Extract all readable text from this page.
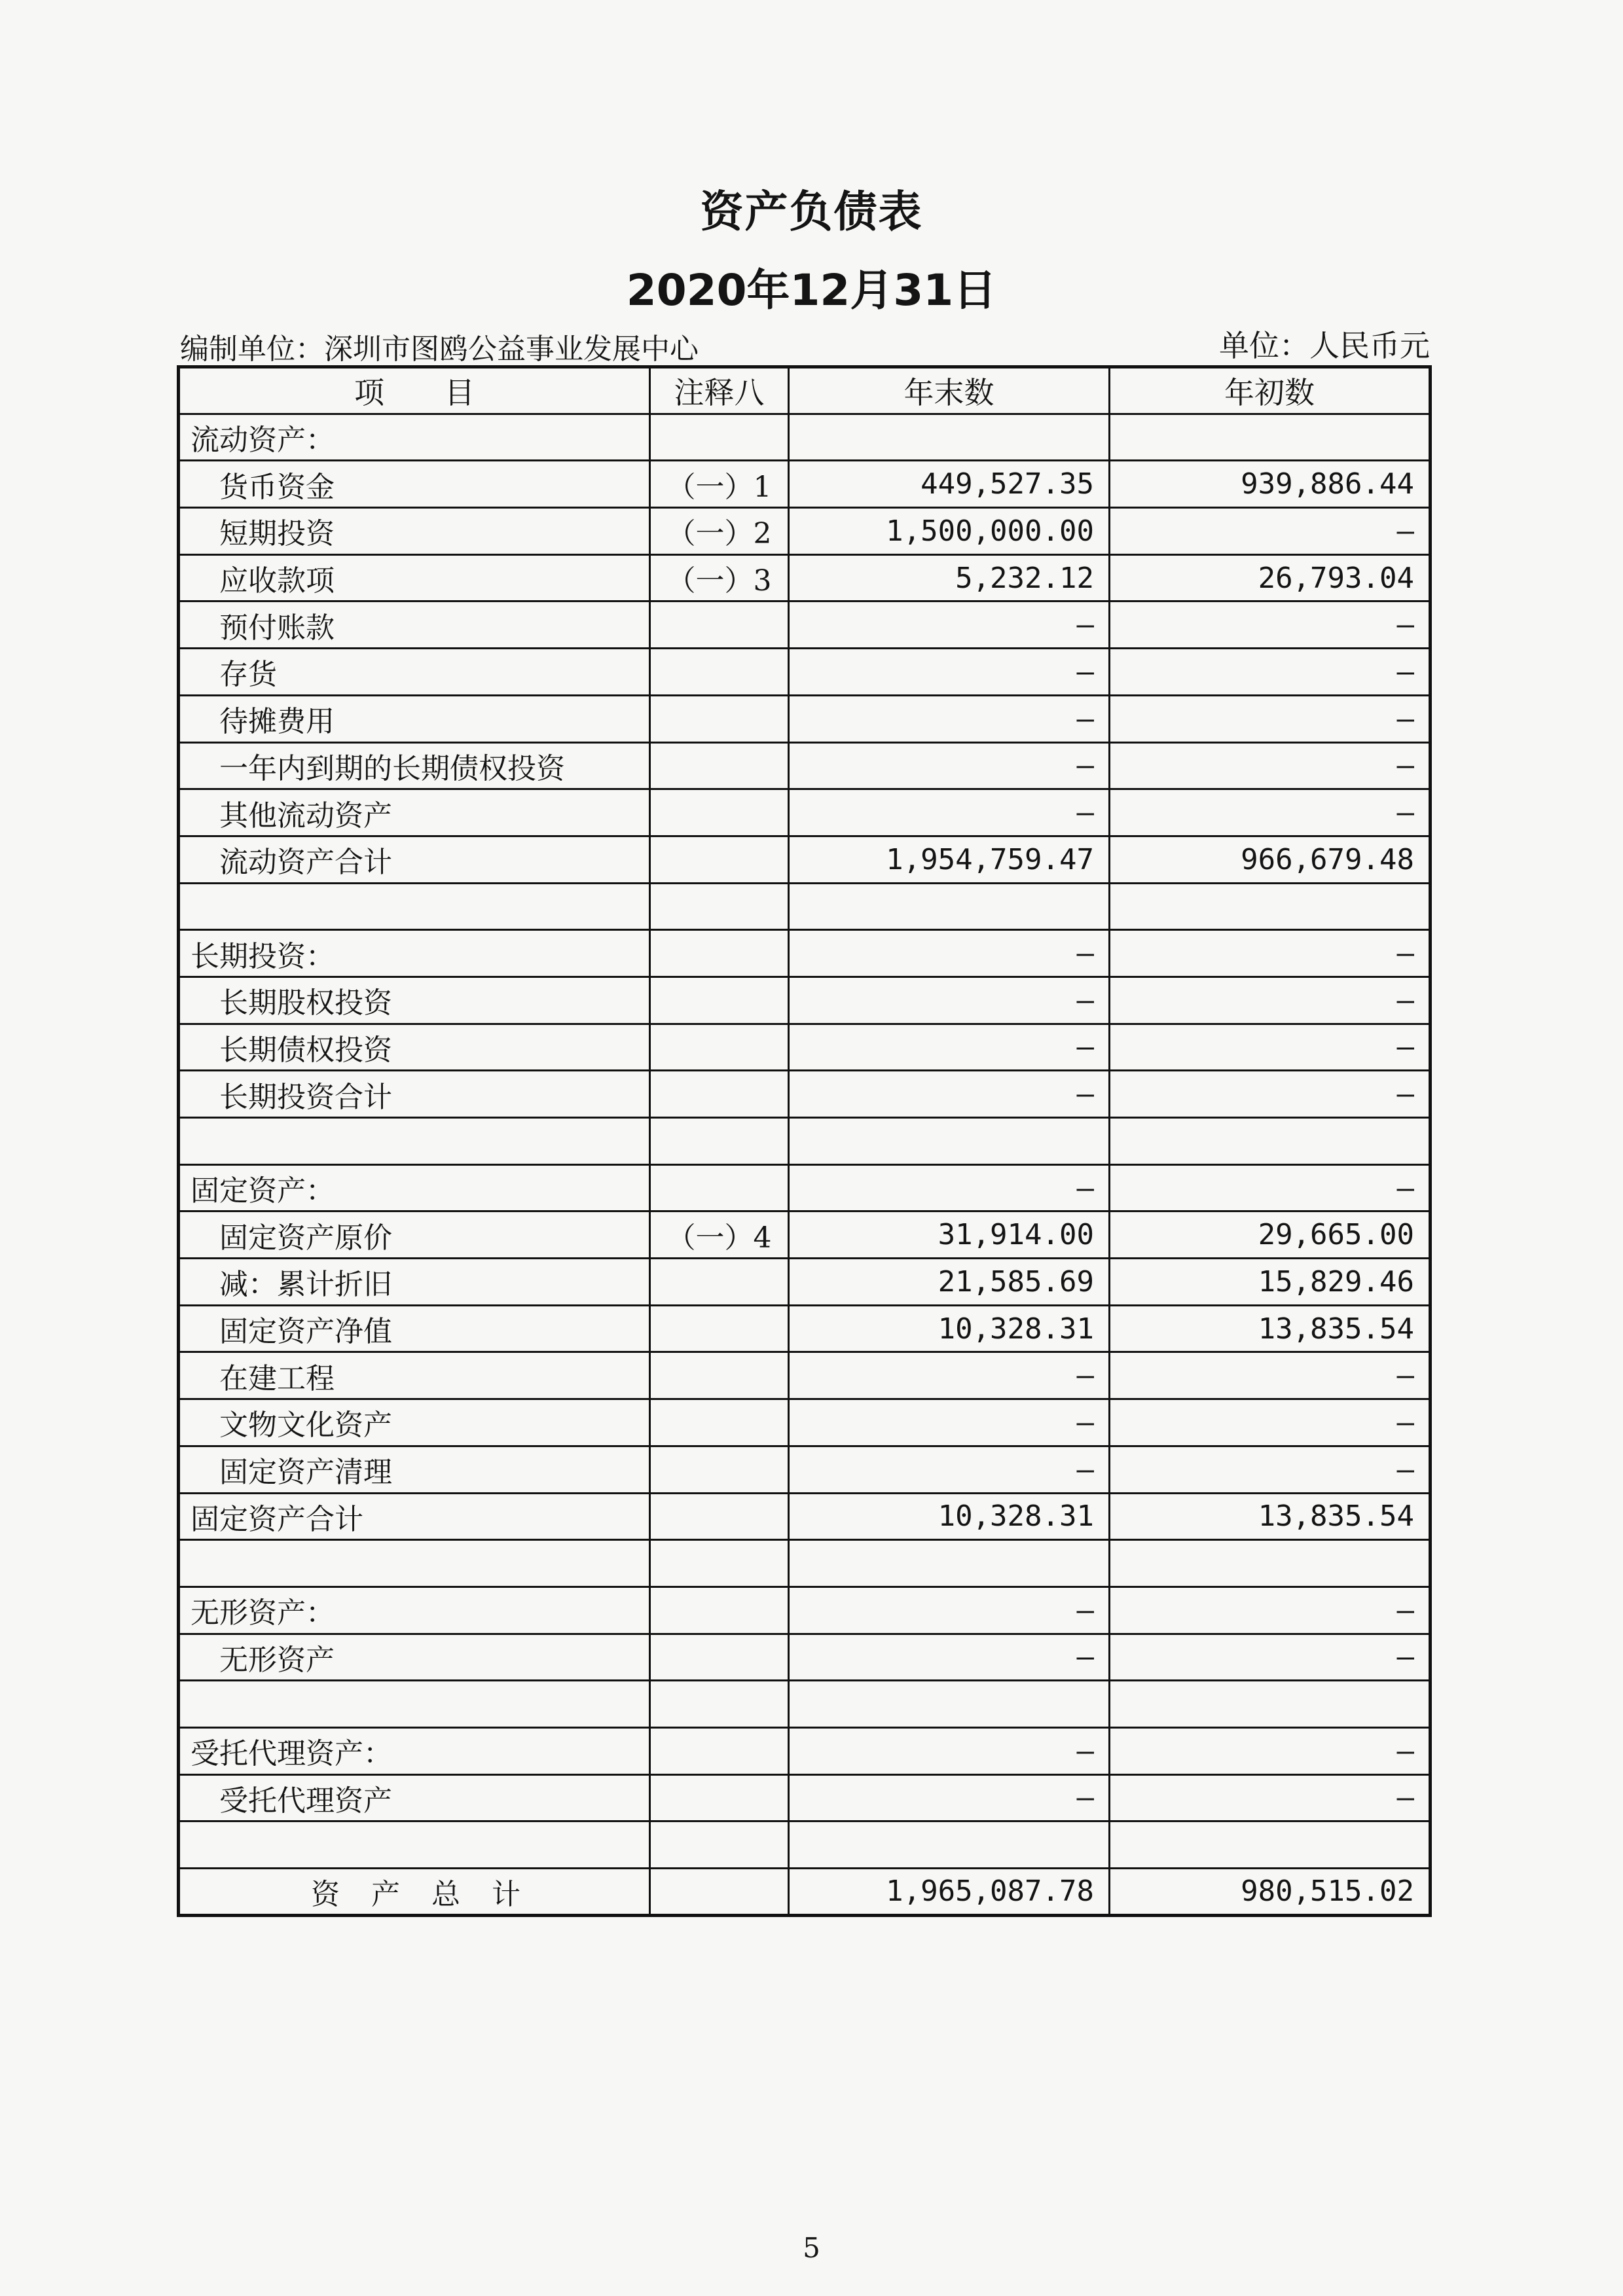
资产负债表
2020年12月31日
编制单位：深圳市图鸥公益事业发展中心	单位：人民币元
项　　目	注释八	年末数	年初数
流动资产：			
货币资金	（一）1	449,527.35	939,886.44
短期投资	（一）2	1,500,000.00	–
应收款项	（一）3	5,232.12	26,793.04
预付账款		–	–
存货		–	–
待摊费用		–	–
一年内到期的长期债权投资		–	–
其他流动资产		–	–
流动资产合计		1,954,759.47	966,679.48

长期投资：		–	–
长期股权投资		–	–
长期债权投资		–	–
长期投资合计		–	–

固定资产：		–	–
固定资产原价	（一）4	31,914.00	29,665.00
减：累计折旧		21,585.69	15,829.46
固定资产净值		10,328.31	13,835.54
在建工程		–	–
文物文化资产		–	–
固定资产清理		–	–
固定资产合计		10,328.31	13,835.54

无形资产：		–	–
无形资产		–	–

受托代理资产：		–	–
受托代理资产		–	–

资产总计		1,965,087.78	980,515.02
5
